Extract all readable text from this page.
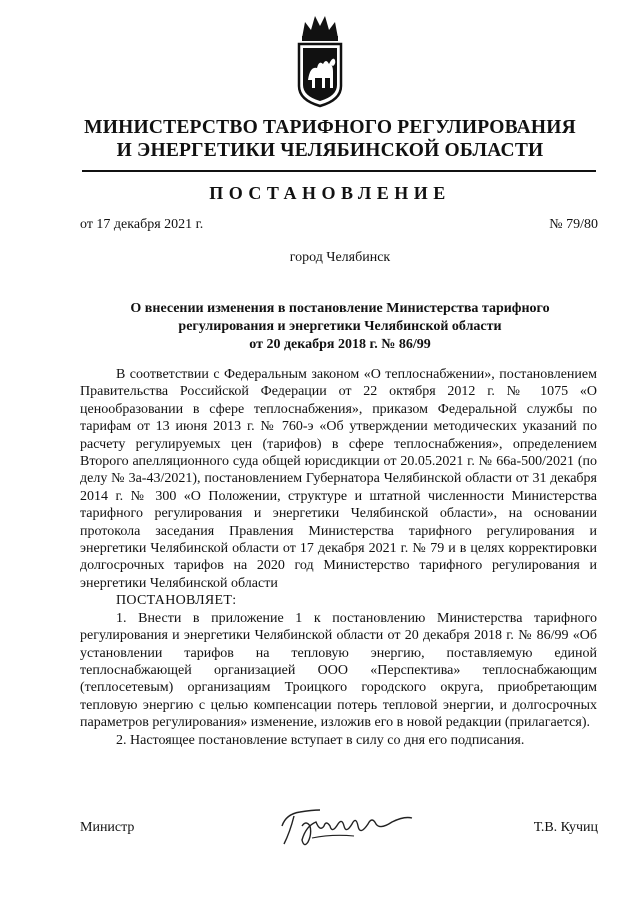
МИНИСТЕРСТВО ТАРИФНОГО РЕГУЛИРОВАНИЯ
И ЭНЕРГЕТИКИ ЧЕЛЯБИНСКОЙ ОБЛАСТИ
ПОСТАНОВЛЕНИЕ
от 17 декабря 2021 г.	№ 79/80
город Челябинск
О внесении изменения в постановление Министерства тарифного
регулирования и энергетики Челябинской области
от 20 декабря 2018 г. № 86/99

В соответствии с Федеральным законом «О теплоснабжении», постановлением Правительства Российской Федерации от 22 октября 2012 г. № 1075 «О ценообразовании в сфере теплоснабжения», приказом Федеральной службы по тарифам от 13 июня 2013 г. № 760-э «Об утверждении методических указаний по расчету регулируемых цен (тарифов) в сфере теплоснабжения», определением Второго апелляционного суда общей юрисдикции от 20.05.2021 г. № 66а-500/2021 (по делу № 3а-43/2021), постановлением Губернатора Челябинской области от 31 декабря 2014 г. № 300 «О Положении, структуре и штатной численности Министерства тарифного регулирования и энергетики Челябинской области», на основании протокола заседания Правления Министерства тарифного регулирования и энергетики Челябинской области от 17 декабря 2021 г. № 79 и в целях корректировки долгосрочных тарифов на 2020 год Министерство тарифного регулирования и энергетики Челябинской области

ПОСТАНОВЛЯЕТ:

1. Внести в приложение 1 к постановлению Министерства тарифного регулирования и энергетики Челябинской области от 20 декабря 2018 г. № 86/99 «Об установлении тарифов на тепловую энергию, поставляемую единой теплоснабжающей организацией ООО «Перспектива» теплоснабжающим (теплосетевым) организациям Троицкого городского округа, приобретающим тепловую энергию с целью компенсации потерь тепловой энергии, и долгосрочных параметров регулирования» изменение, изложив его в новой редакции (прилагается).

2. Настоящее постановление вступает в силу со дня его подписания.

Министр	Т.В. Кучиц
